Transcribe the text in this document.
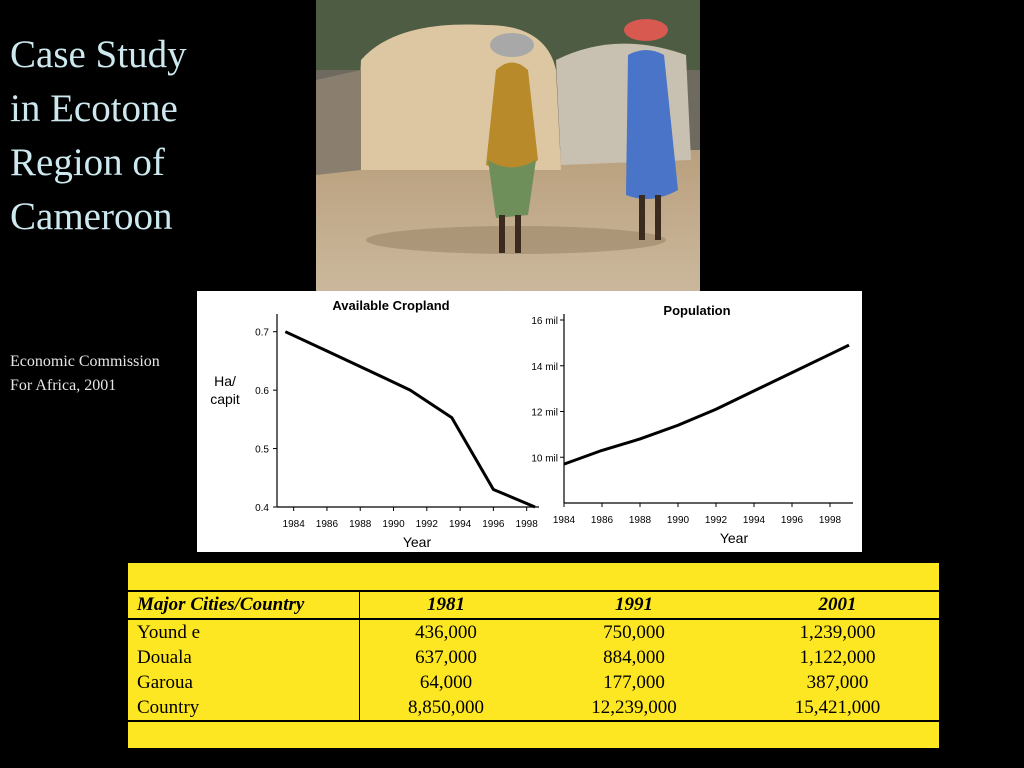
Case Study
in Ecotone
Region of
Cameroon
Economic Commission
For Africa, 2001
Available Cropland
Ha/
capit
Year
0.4
0.5
0.6
0.7
1984 1986 1988 1990 1992 1994 1996 1998
Population
Year
10 mil
12 mil
14 mil
16 mil
1984 1986 1988 1990 1992 1994 1996 1998
Major Cities/Country	1981	1991	2001
Yound e	436,000	750,000	1,239,000
Douala	637,000	884,000	1,122,000
Garoua	64,000	177,000	387,000
Country	8,850,000	12,239,000	15,421,000
